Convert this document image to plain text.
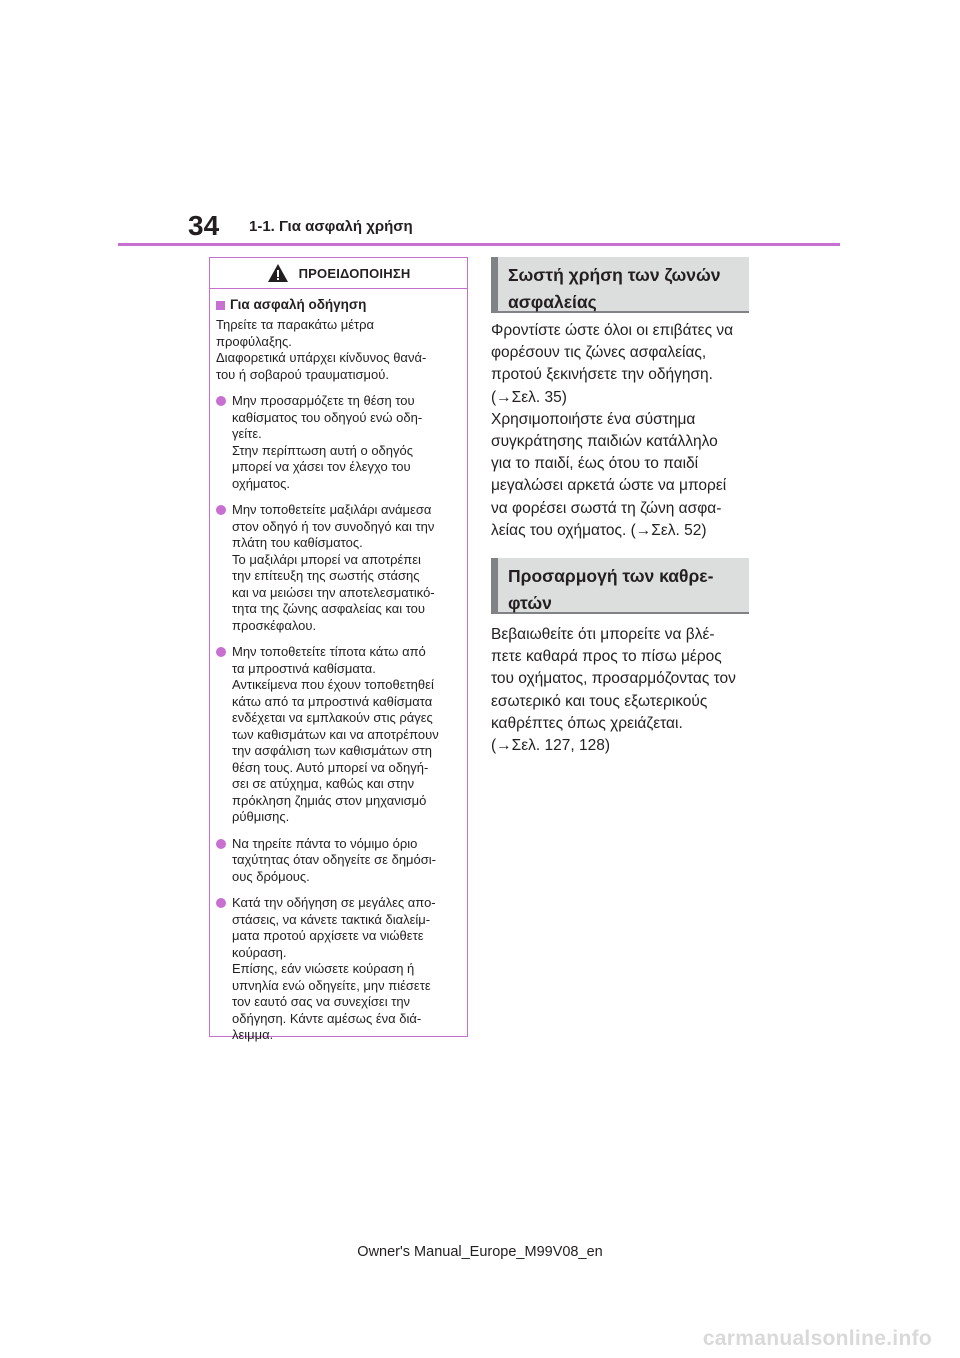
34 1-1. Για ασφαλή χρήση
ΠΡΟΕΙΔΟΠΟΙΗΣΗ
Για ασφαλή οδήγηση
Τηρείτε τα παρακάτω μέτρα
προφύλαξης.
Διαφορετικά υπάρχει κίνδυνος θανά-
του ή σοβαρού τραυματισμού.
Μην προσαρμόζετε τη θέση του
καθίσματος του οδηγού ενώ οδη-
γείτε.
Στην περίπτωση αυτή ο οδηγός
μπορεί να χάσει τον έλεγχο του
οχήματος.
Μην τοποθετείτε μαξιλάρι ανάμεσα
στον οδηγό ή τον συνοδηγό και την
πλάτη του καθίσματος.
Το μαξιλάρι μπορεί να αποτρέπει
την επίτευξη της σωστής στάσης
και να μειώσει την αποτελεσματικό-
τητα της ζώνης ασφαλείας και του
προσκέφαλου.
Μην τοποθετείτε τίποτα κάτω από
τα μπροστινά καθίσματα.
Αντικείμενα που έχουν τοποθετηθεί
κάτω από τα μπροστινά καθίσματα
ενδέχεται να εμπλακούν στις ράγες
των καθισμάτων και να αποτρέπουν
την ασφάλιση των καθισμάτων στη
θέση τους. Αυτό μπορεί να οδηγή-
σει σε ατύχημα, καθώς και στην
πρόκληση ζημιάς στον μηχανισμό
ρύθμισης.
Να τηρείτε πάντα το νόμιμο όριο
ταχύτητας όταν οδηγείτε σε δημόσι-
ους δρόμους.
Κατά την οδήγηση σε μεγάλες απο-
στάσεις, να κάνετε τακτικά διαλείμ-
ματα προτού αρχίσετε να νιώθετε
κούραση.
Επίσης, εάν νιώσετε κούραση ή
υπνηλία ενώ οδηγείτε, μην πιέσετε
τον εαυτό σας να συνεχίσει την
οδήγηση. Κάντε αμέσως ένα διά-
λειμμα.
Σωστή χρήση των ζωνών
ασφαλείας
Φροντίστε ώστε όλοι οι επιβάτες να
φορέσουν τις ζώνες ασφαλείας,
προτού ξεκινήσετε την οδήγηση.
(→Σελ. 35)
Χρησιμοποιήστε ένα σύστημα
συγκράτησης παιδιών κατάλληλο
για το παιδί, έως ότου το παιδί
μεγαλώσει αρκετά ώστε να μπορεί
να φορέσει σωστά τη ζώνη ασφα-
λείας του οχήματος. (→Σελ. 52)
Προσαρμογή των καθρε-
φτών
Βεβαιωθείτε ότι μπορείτε να βλέ-
πετε καθαρά προς το πίσω μέρος
του οχήματος, προσαρμόζοντας τον
εσωτερικό και τους εξωτερικούς
καθρέπτες όπως χρειάζεται.
(→Σελ. 127, 128)
Owner's Manual_Europe_M99V08_en
carmanualsonline.info
